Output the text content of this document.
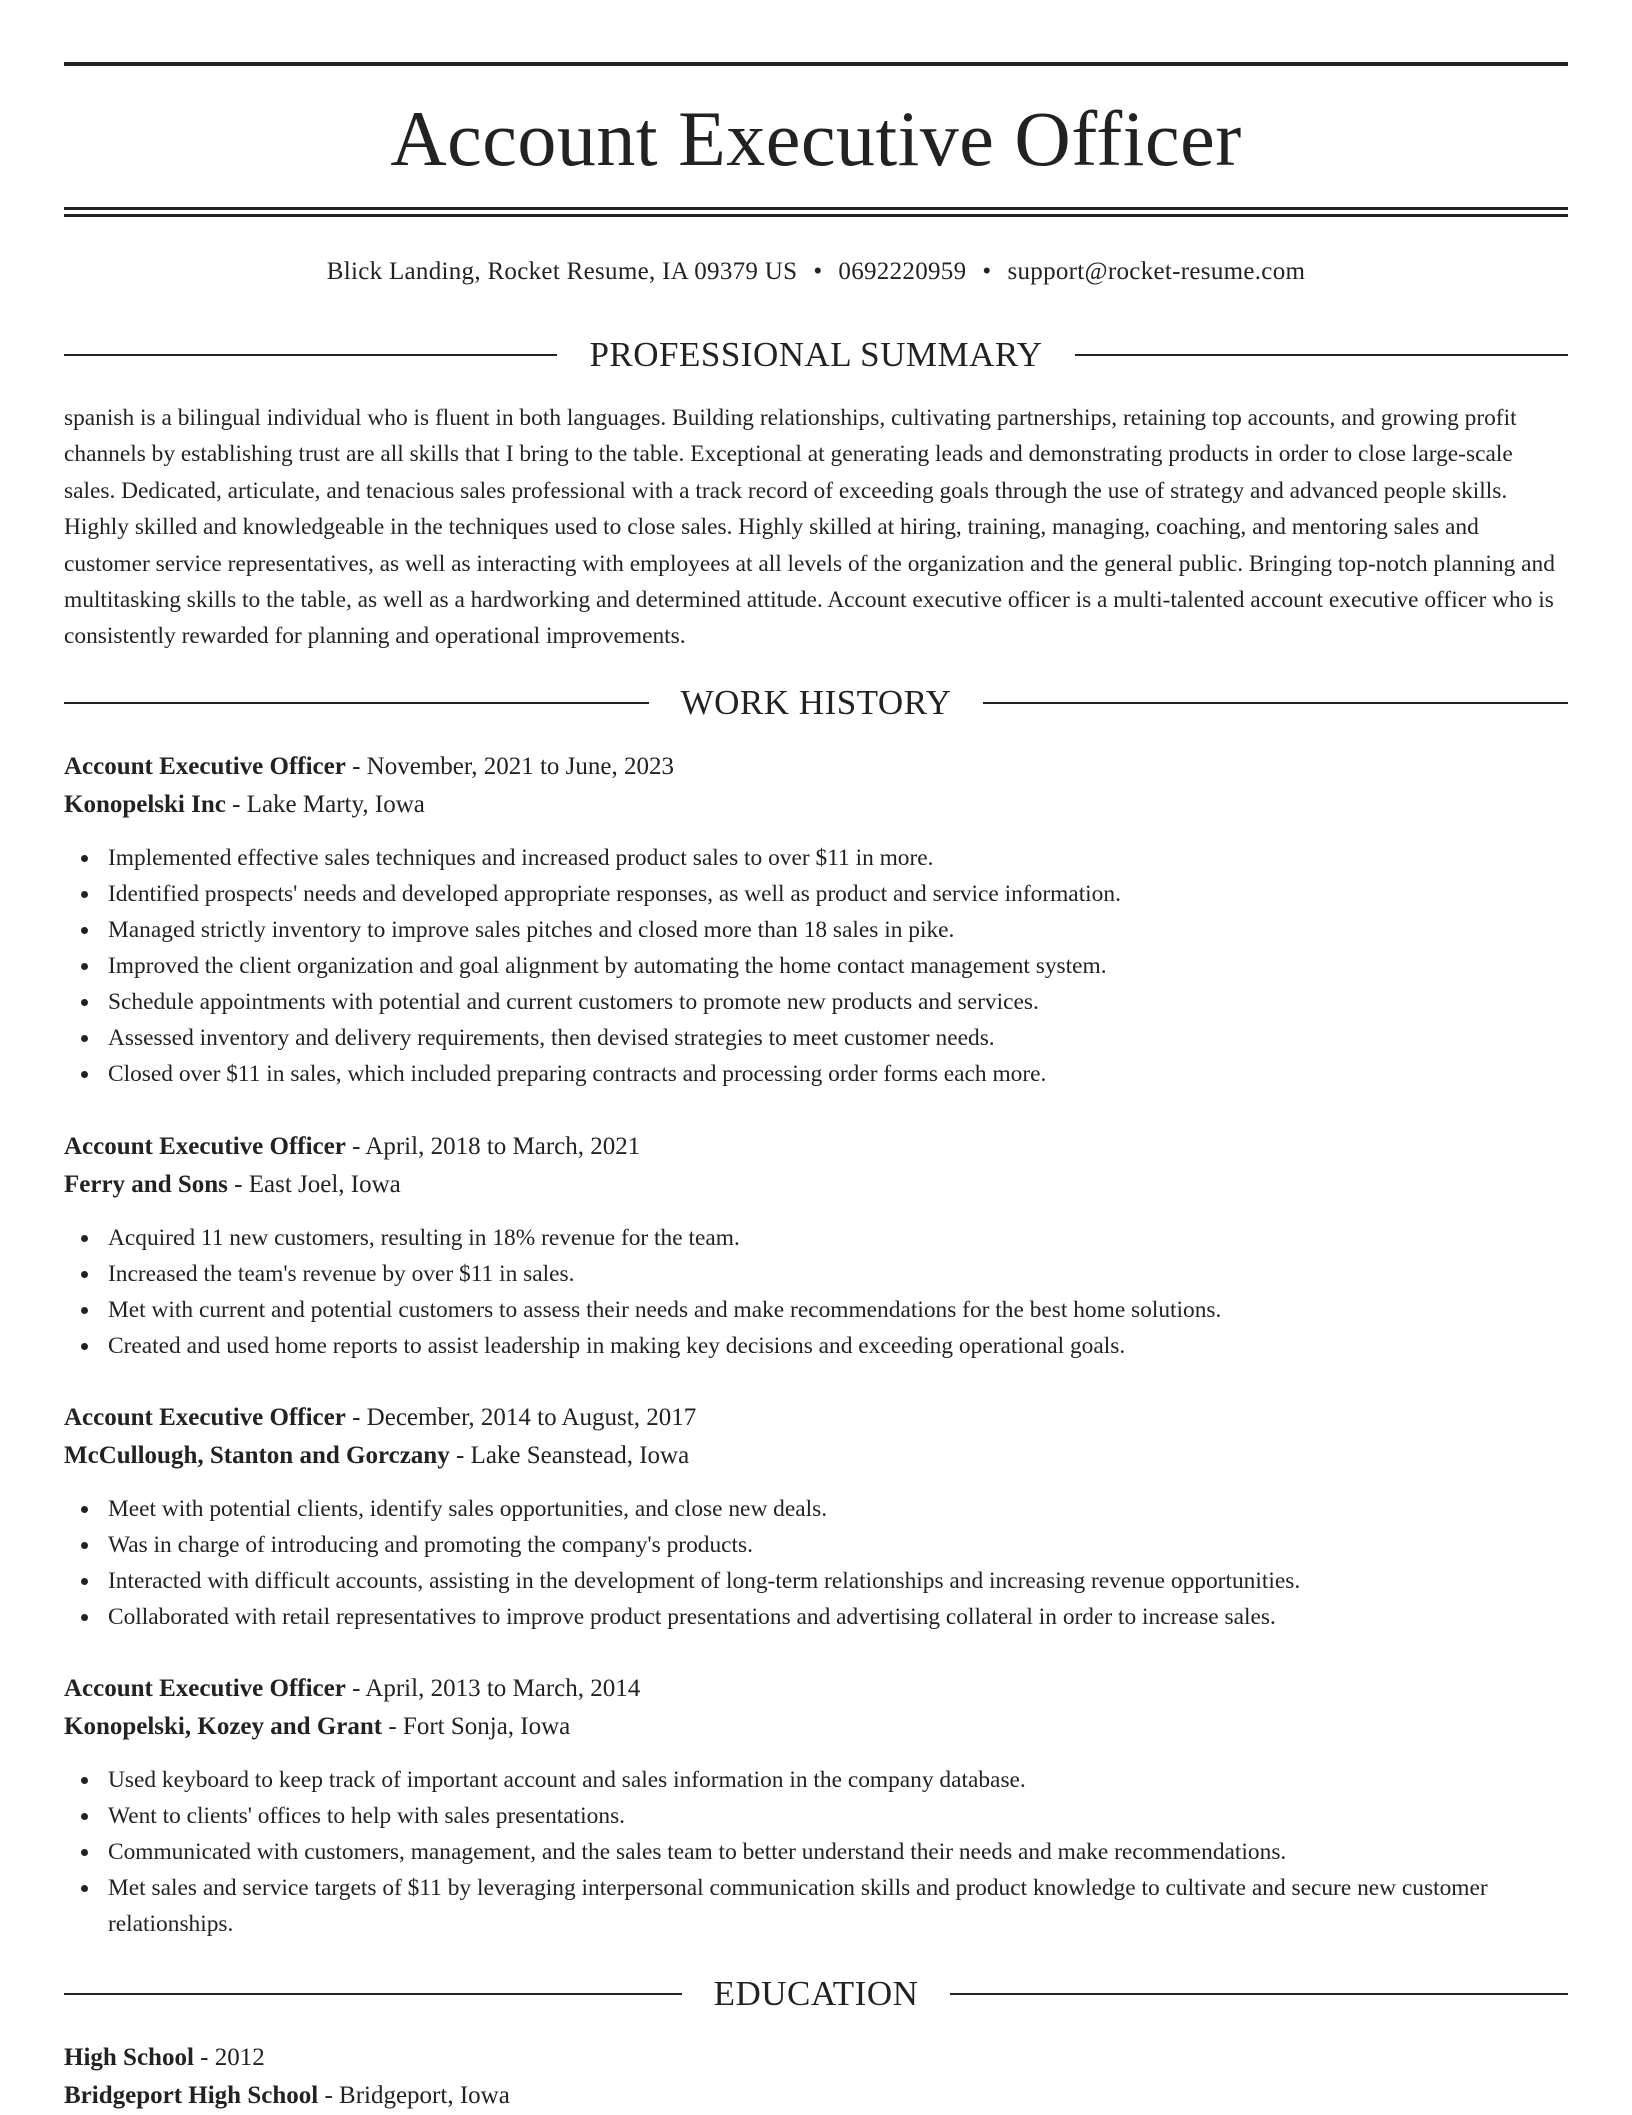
Account Executive Officer
Blick Landing, Rocket Resume, IA 09379 US • 0692220959 • support@rocket-resume.com
PROFESSIONAL SUMMARY
spanish is a bilingual individual who is fluent in both languages. Building relationships, cultivating partnerships, retaining top accounts, and growing profit channels by establishing trust are all skills that I bring to the table. Exceptional at generating leads and demonstrating products in order to close large-scale sales. Dedicated, articulate, and tenacious sales professional with a track record of exceeding goals through the use of strategy and advanced people skills. Highly skilled and knowledgeable in the techniques used to close sales. Highly skilled at hiring, training, managing, coaching, and mentoring sales and customer service representatives, as well as interacting with employees at all levels of the organization and the general public. Bringing top-notch planning and multitasking skills to the table, as well as a hardworking and determined attitude. Account executive officer is a multi-talented account executive officer who is consistently rewarded for planning and operational improvements.
WORK HISTORY
Account Executive Officer - November, 2021 to June, 2023
Konopelski Inc - Lake Marty, Iowa
Implemented effective sales techniques and increased product sales to over $11 in more.
Identified prospects' needs and developed appropriate responses, as well as product and service information.
Managed strictly inventory to improve sales pitches and closed more than 18 sales in pike.
Improved the client organization and goal alignment by automating the home contact management system.
Schedule appointments with potential and current customers to promote new products and services.
Assessed inventory and delivery requirements, then devised strategies to meet customer needs.
Closed over $11 in sales, which included preparing contracts and processing order forms each more.
Account Executive Officer - April, 2018 to March, 2021
Ferry and Sons - East Joel, Iowa
Acquired 11 new customers, resulting in 18% revenue for the team.
Increased the team's revenue by over $11 in sales.
Met with current and potential customers to assess their needs and make recommendations for the best home solutions.
Created and used home reports to assist leadership in making key decisions and exceeding operational goals.
Account Executive Officer - December, 2014 to August, 2017
McCullough, Stanton and Gorczany - Lake Seanstead, Iowa
Meet with potential clients, identify sales opportunities, and close new deals.
Was in charge of introducing and promoting the company's products.
Interacted with difficult accounts, assisting in the development of long-term relationships and increasing revenue opportunities.
Collaborated with retail representatives to improve product presentations and advertising collateral in order to increase sales.
Account Executive Officer - April, 2013 to March, 2014
Konopelski, Kozey and Grant - Fort Sonja, Iowa
Used keyboard to keep track of important account and sales information in the company database.
Went to clients' offices to help with sales presentations.
Communicated with customers, management, and the sales team to better understand their needs and make recommendations.
Met sales and service targets of $11 by leveraging interpersonal communication skills and product knowledge to cultivate and secure new customer relationships.
EDUCATION
High School - 2012
Bridgeport High School - Bridgeport, Iowa
